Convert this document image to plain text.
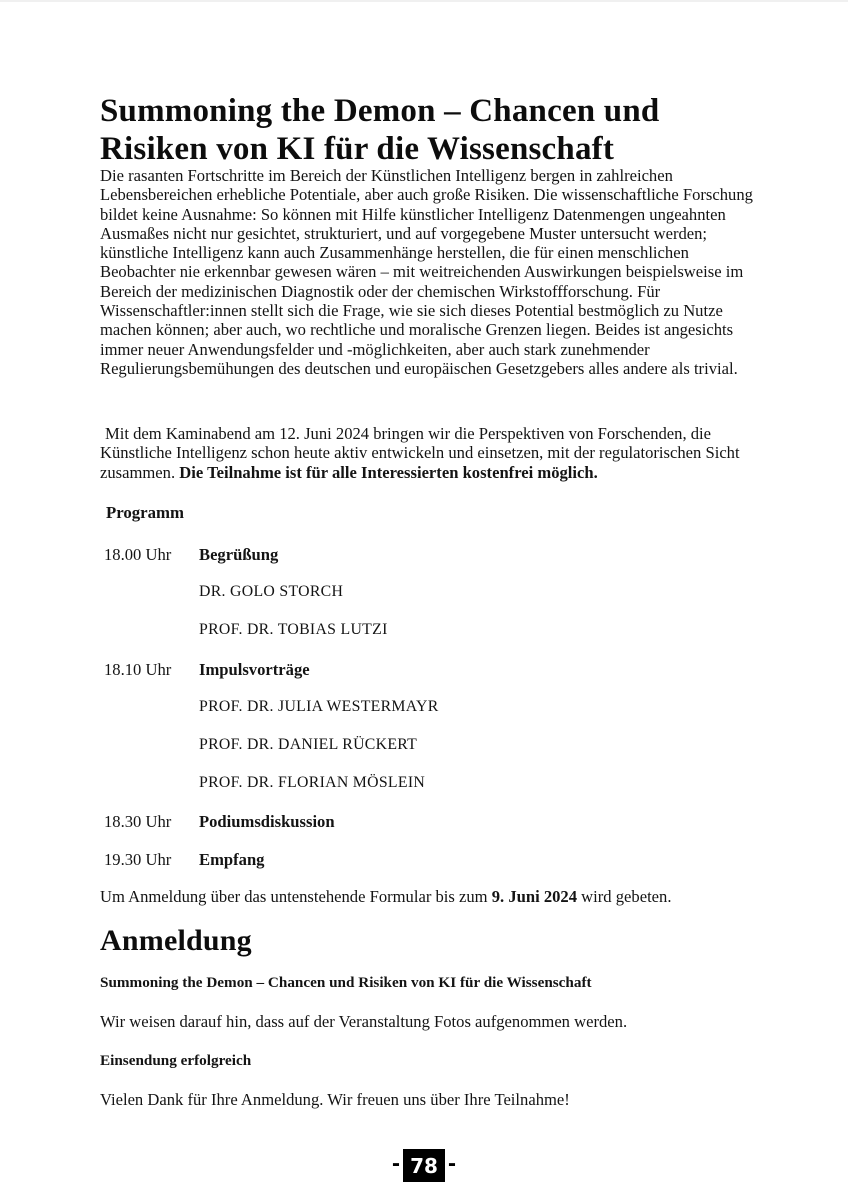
Summoning the Demon – Chancen und
Risiken von KI für die Wissenschaft

Die rasanten Fortschritte im Bereich der Künstlichen Intelligenz bergen in zahlreichen Lebensbereichen erhebliche Potentiale, aber auch große Risiken. Die wissenschaftliche Forschung bildet keine Ausnahme: So können mit Hilfe künstlicher Intelligenz Datenmengen ungeahnten Ausmaßes nicht nur gesichtet, strukturiert, und auf vorgegebene Muster untersucht werden; künstliche Intelligenz kann auch Zusammenhänge herstellen, die für einen menschlichen Beobachter nie erkennbar gewesen wären – mit weitreichenden Auswirkungen beispielsweise im Bereich der medizinischen Diagnostik oder der chemischen Wirkstoffforschung. Für Wissenschaftler:innen stellt sich die Frage, wie sie sich dieses Potential bestmöglich zu Nutze machen können; aber auch, wo rechtliche und moralische Grenzen liegen. Beides ist angesichts immer neuer Anwendungsfelder und -möglichkeiten, aber auch stark zunehmender Regulierungsbemühungen des deutschen und europäischen Gesetzgebers alles andere als trivial.

Mit dem Kaminabend am 12. Juni 2024 bringen wir die Perspektiven von Forschenden, die Künstliche Intelligenz schon heute aktiv entwickeln und einsetzen, mit der regulatorischen Sicht zusammen. Die Teilnahme ist für alle Interessierten kostenfrei möglich.

Programm
18.00 Uhr Begrüßung
DR. GOLO STORCH
PROF. DR. TOBIAS LUTZI
18.10 Uhr Impulsvorträge
PROF. DR. JULIA WESTERMAYR
PROF. DR. DANIEL RÜCKERT
PROF. DR. FLORIAN MÖSLEIN
18.30 Uhr Podiumsdiskussion
19.30 Uhr Empfang

Um Anmeldung über das untenstehende Formular bis zum 9. Juni 2024 wird gebeten.

Anmeldung
Summoning the Demon – Chancen und Risiken von KI für die Wissenschaft
Wir weisen darauf hin, dass auf der Veranstaltung Fotos aufgenommen werden.
Einsendung erfolgreich
Vielen Dank für Ihre Anmeldung. Wir freuen uns über Ihre Teilnahme!
- 78 -
